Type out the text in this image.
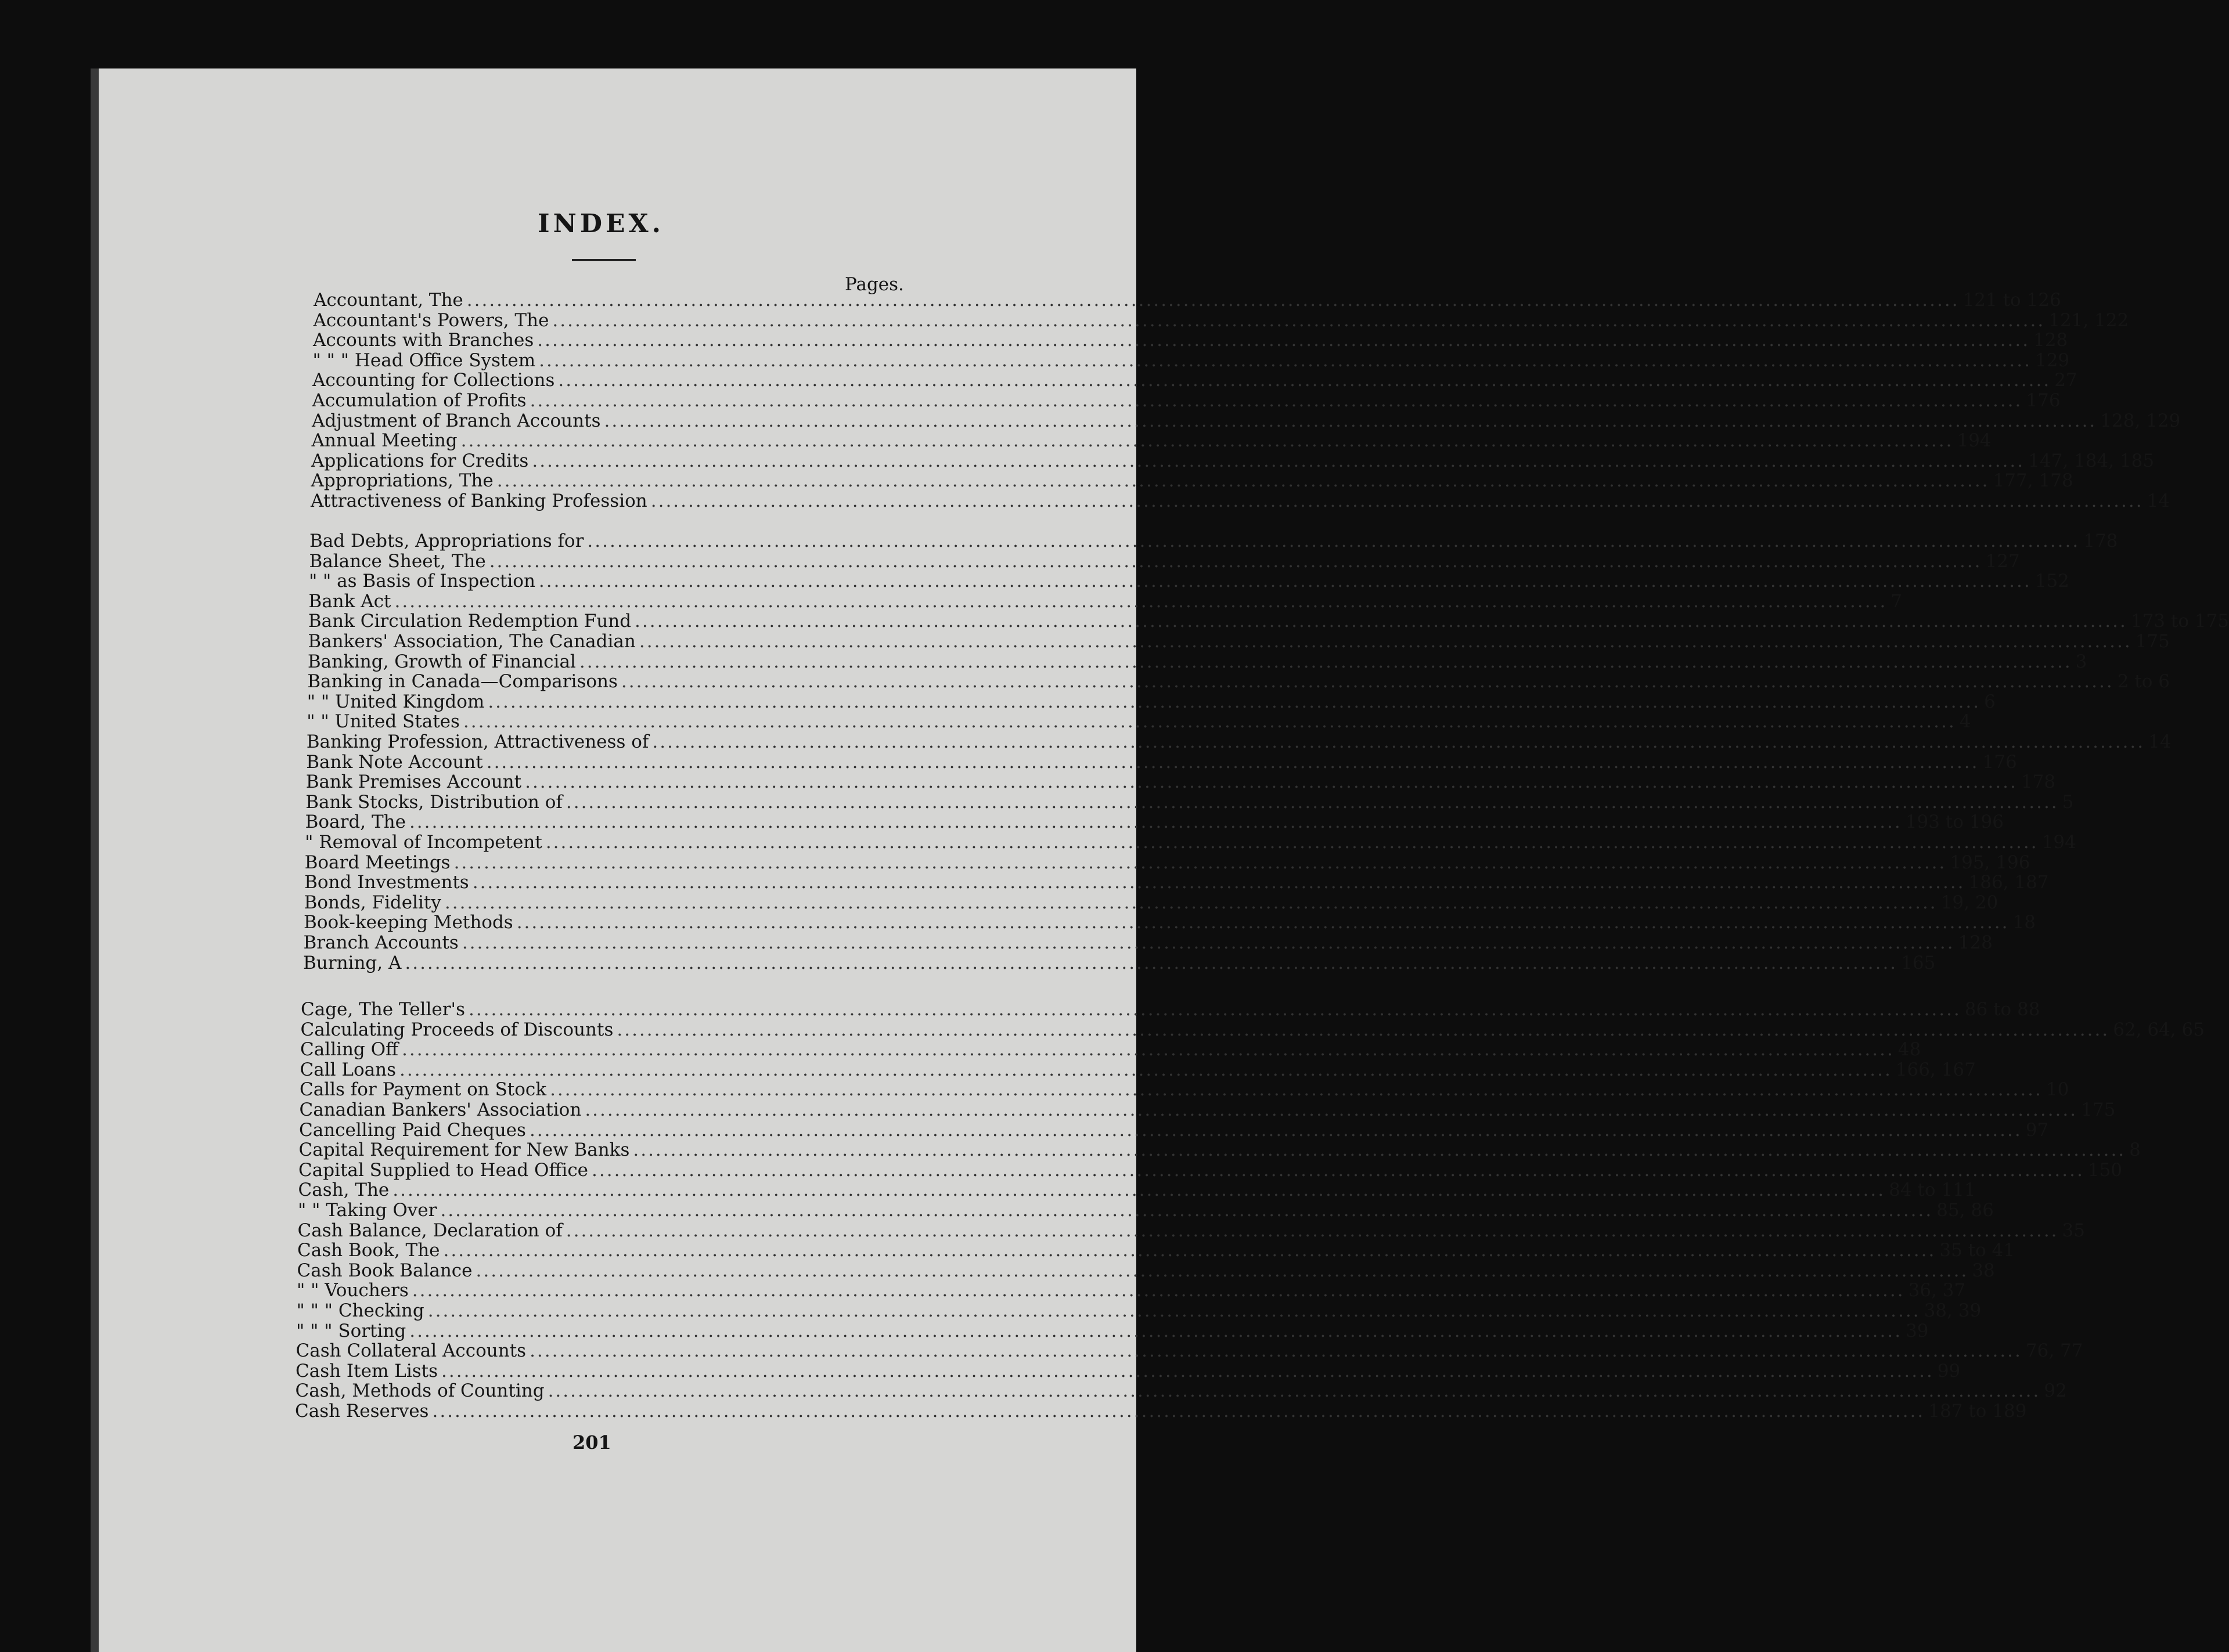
INDEX.
Pages.
Accountant, The ........................................................................................................................................................................................................ 121 to 126
Accountant's Powers, The ........................................................................................................................................................................................................ 121, 122
Accounts with Branches ........................................................................................................................................................................................................ 128
" " " Head Office System ........................................................................................................................................................................................................ 129
Accounting for Collections ........................................................................................................................................................................................................ 27
Accumulation of Profits ........................................................................................................................................................................................................ 176
Adjustment of Branch Accounts ........................................................................................................................................................................................................ 128, 129
Annual Meeting ........................................................................................................................................................................................................ 194
Applications for Credits ........................................................................................................................................................................................................ 147, 184, 185
Appropriations, The ........................................................................................................................................................................................................ 177, 178
Attractiveness of Banking Profession ........................................................................................................................................................................................................ 14
Bad Debts, Appropriations for ........................................................................................................................................................................................................ 178
Balance Sheet, The ........................................................................................................................................................................................................ 127
" " as Basis of Inspection ........................................................................................................................................................................................................ 152
Bank Act ........................................................................................................................................................................................................ 7
Bank Circulation Redemption Fund ........................................................................................................................................................................................................ 173 to 175
Bankers' Association, The Canadian ........................................................................................................................................................................................................ 175
Banking, Growth of Financial ........................................................................................................................................................................................................ 3
Banking in Canada—Comparisons ........................................................................................................................................................................................................ 2 to 6
" " United Kingdom ........................................................................................................................................................................................................ 6
" " United States ........................................................................................................................................................................................................ 4
Banking Profession, Attractiveness of ........................................................................................................................................................................................................ 14
Bank Note Account ........................................................................................................................................................................................................ 176
Bank Premises Account ........................................................................................................................................................................................................ 178
Bank Stocks, Distribution of ........................................................................................................................................................................................................ 5
Board, The ........................................................................................................................................................................................................ 193 to 196
" Removal of Incompetent ........................................................................................................................................................................................................ 194
Board Meetings ........................................................................................................................................................................................................ 195, 196
Bond Investments ........................................................................................................................................................................................................ 186, 187
Bonds, Fidelity ........................................................................................................................................................................................................ 19, 20
Book-keeping Methods ........................................................................................................................................................................................................ 18
Branch Accounts ........................................................................................................................................................................................................ 128
Burning, A ........................................................................................................................................................................................................ 165
Cage, The Teller's ........................................................................................................................................................................................................ 86 to 88
Calculating Proceeds of Discounts ........................................................................................................................................................................................................ 62, 64, 65
Calling Off ........................................................................................................................................................................................................ 48
Call Loans ........................................................................................................................................................................................................ 166, 167
Calls for Payment on Stock ........................................................................................................................................................................................................ 10
Canadian Bankers' Association ........................................................................................................................................................................................................ 175
Cancelling Paid Cheques ........................................................................................................................................................................................................ 97
Capital Requirement for New Banks ........................................................................................................................................................................................................ 8
Capital Supplied to Head Office ........................................................................................................................................................................................................ 150
Cash, The ........................................................................................................................................................................................................ 84 to 111
" " Taking Over ........................................................................................................................................................................................................ 85, 86
Cash Balance, Declaration of ........................................................................................................................................................................................................ 35
Cash Book, The ........................................................................................................................................................................................................ 35 to 41
Cash Book Balance ........................................................................................................................................................................................................ 38
" " Vouchers ........................................................................................................................................................................................................ 36, 37
" " " Checking ........................................................................................................................................................................................................ 38, 39
" " " Sorting ........................................................................................................................................................................................................ 39
Cash Collateral Accounts ........................................................................................................................................................................................................ 76, 77
Cash Item Lists ........................................................................................................................................................................................................ 99
Cash, Methods of Counting ........................................................................................................................................................................................................ 92
Cash Reserves ........................................................................................................................................................................................................ 187 to 189
201
